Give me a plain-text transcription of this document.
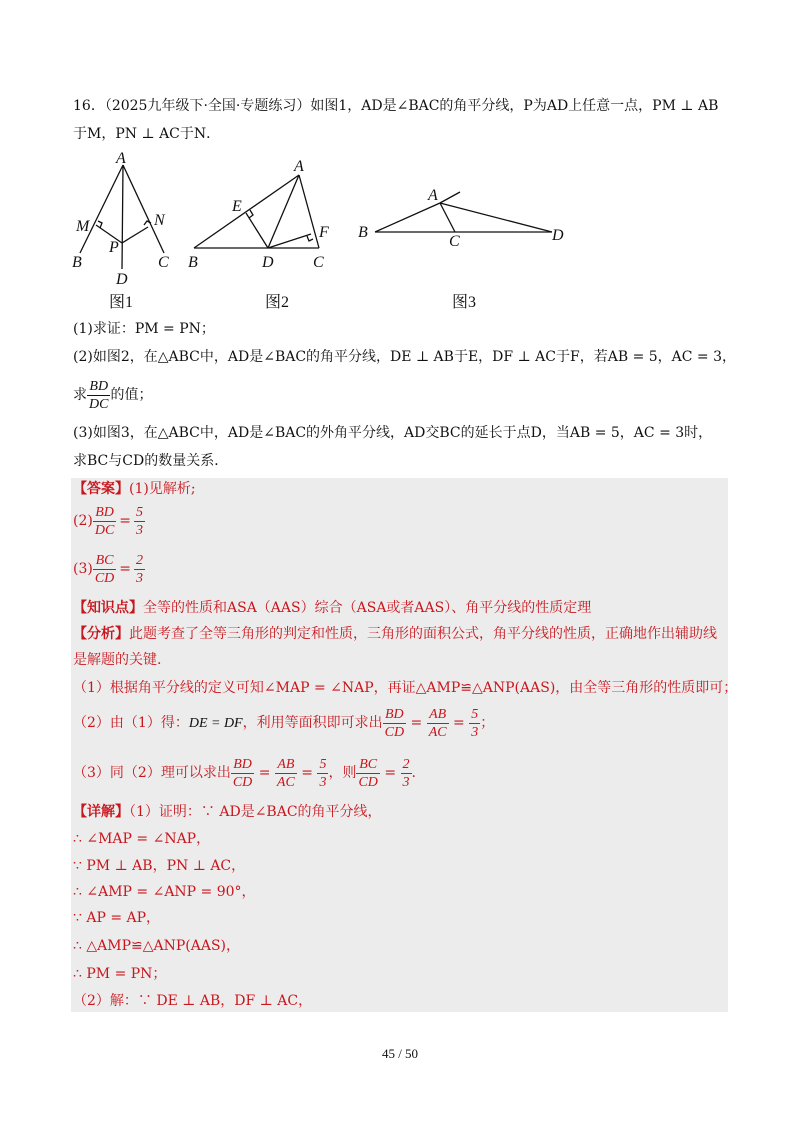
16．（2025九年级下·全国·专题练习）如图1，AD是∠BAC的角平分线，P为AD上任意一点，PM ⊥ AB
于M，PN ⊥ AC于N．
A
M	N
P
B	C
D
A
E
F
B	D C
A
B
C	D
图1	图2	图3
(1)求证：PM = PN；
(2)如图2，在△ABC中，AD是∠BAC的角平分线，DE ⊥ AB于E，DF ⊥ AC于F，若AB = 5，AC = 3，
求 $\frac{BD}{DC}$ 的值；
(3)如图3，在△ABC中，AD是∠BAC的外角平分线，AD交BC的延长于点D，当AB = 5，AC = 3时，
求BC与CD的数量关系．
【答案】(1)见解析;
$(2) \frac{BD}{DC} = \frac{5}{3}$
$(3) \frac{BC}{CD} = \frac{2}{3}$
【知识点】全等的性质和ASA（AAS）综合（ASA或者AAS）、角平分线的性质定理
【分析】此题考查了全等三角形的判定和性质，三角形的面积公式，角平分线的性质，正确地作出辅助线
是解题的关键.
（1）根据角平分线的定义可知∠MAP = ∠NAP，再证△AMP≌△ANP(AAS)，由全等三角形的性质即可；
（2）由（1）得：DE = DF，利用等面积即可求出 $\frac{BD}{CD} = \frac{AB}{AC} = \frac{5}{3}$ ；
（3）同（2）理可以求出 $\frac{BD}{CD} = \frac{AB}{AC} = \frac{5}{3}$ ，则 $\frac{BC}{CD} = \frac{2}{3}$ .
【详解】（1）证明：∵ AD是∠BAC的角平分线，
∴ ∠MAP = ∠NAP，
∵ PM ⊥ AB，PN ⊥ AC，
∴ ∠AMP = ∠ANP = 90°，
∵ AP = AP，
∴ △AMP≌△ANP(AAS)，
∴ PM = PN；
（2）解：∵ DE ⊥ AB，DF ⊥ AC，
45 / 50
